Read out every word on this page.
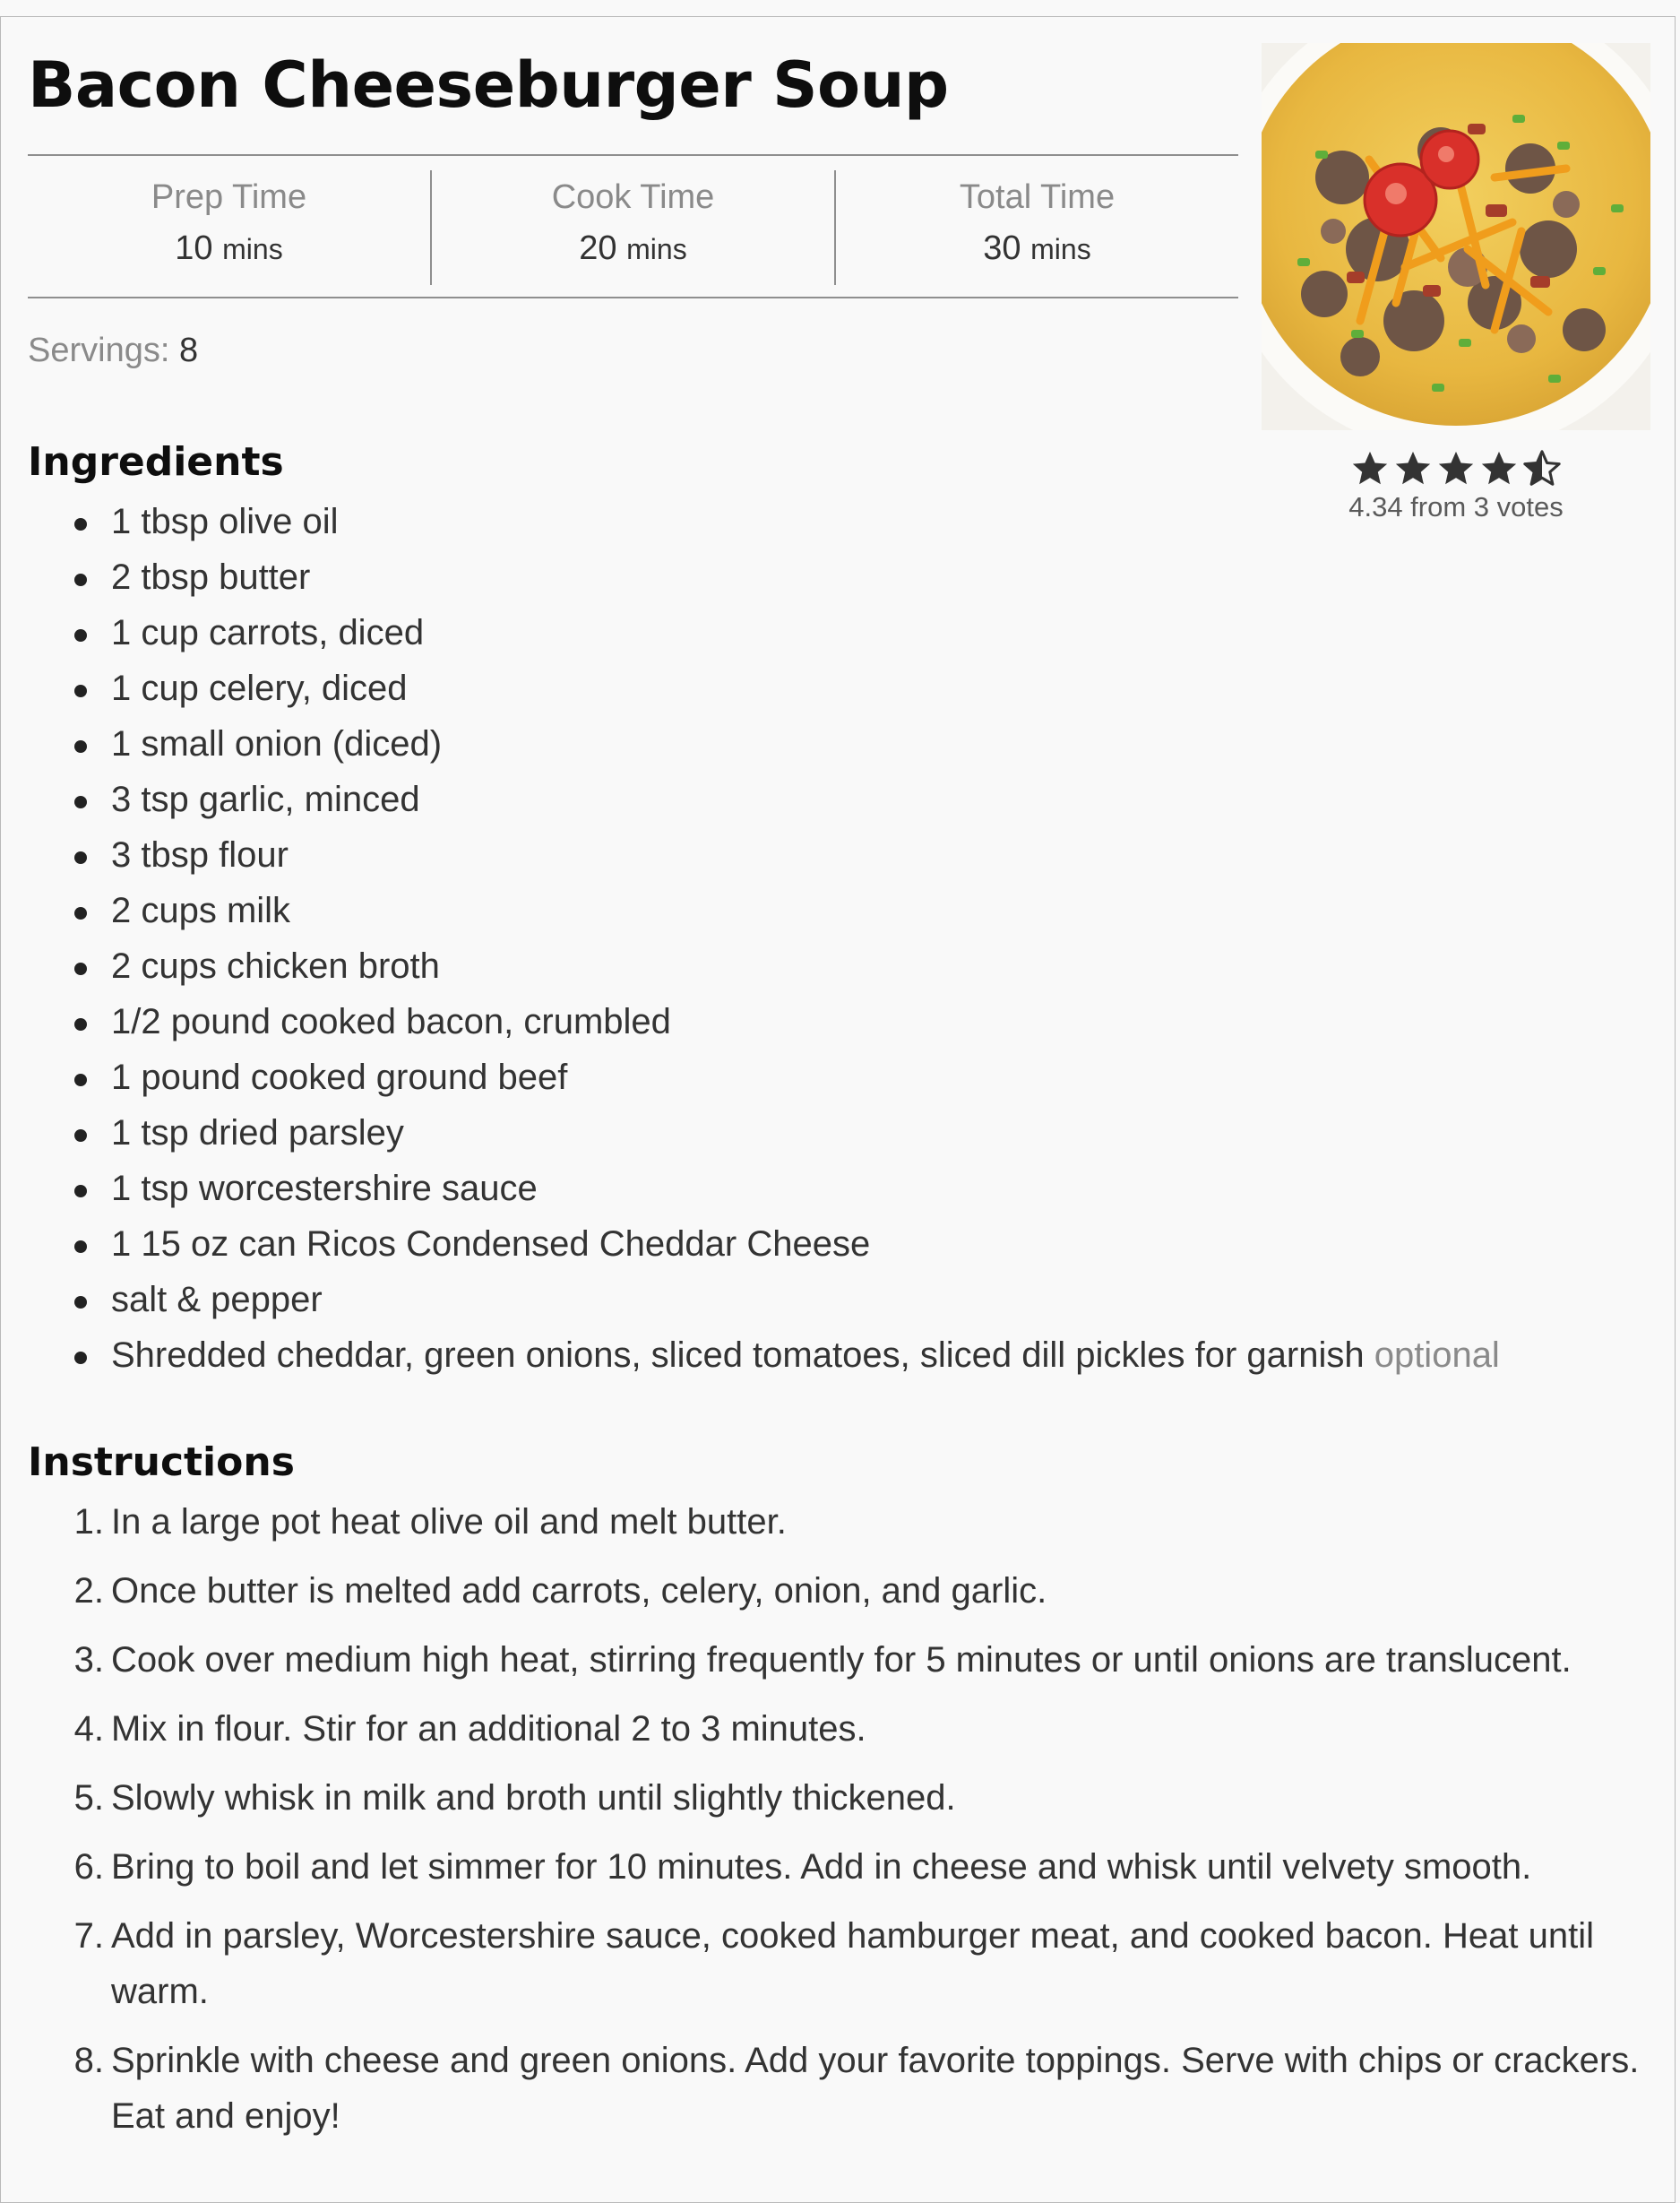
Bacon Cheeseburger Soup
Prep Time
10 mins
Cook Time
20 mins
Total Time
30 mins
Servings: 8
4.34 from 3 votes
Ingredients
1 tbsp olive oil
2 tbsp butter
1 cup carrots, diced
1 cup celery, diced
1 small onion (diced)
3 tsp garlic, minced
3 tbsp flour
2 cups milk
2 cups chicken broth
1/2 pound cooked bacon, crumbled
1 pound cooked ground beef
1 tsp dried parsley
1 tsp worcestershire sauce
1 15 oz can Ricos Condensed Cheddar Cheese
salt & pepper
Shredded cheddar, green onions, sliced tomatoes, sliced dill pickles for garnish optional
Instructions
1. In a large pot heat olive oil and melt butter.
2. Once butter is melted add carrots, celery, onion, and garlic.
3. Cook over medium high heat, stirring frequently for 5 minutes or until onions are translucent.
4. Mix in flour. Stir for an additional 2 to 3 minutes.
5. Slowly whisk in milk and broth until slightly thickened.
6. Bring to boil and let simmer for 10 minutes. Add in cheese and whisk until velvety smooth.
7. Add in parsley, Worcestershire sauce, cooked hamburger meat, and cooked bacon. Heat until warm.
8. Sprinkle with cheese and green onions. Add your favorite toppings. Serve with chips or crackers. Eat and enjoy!
